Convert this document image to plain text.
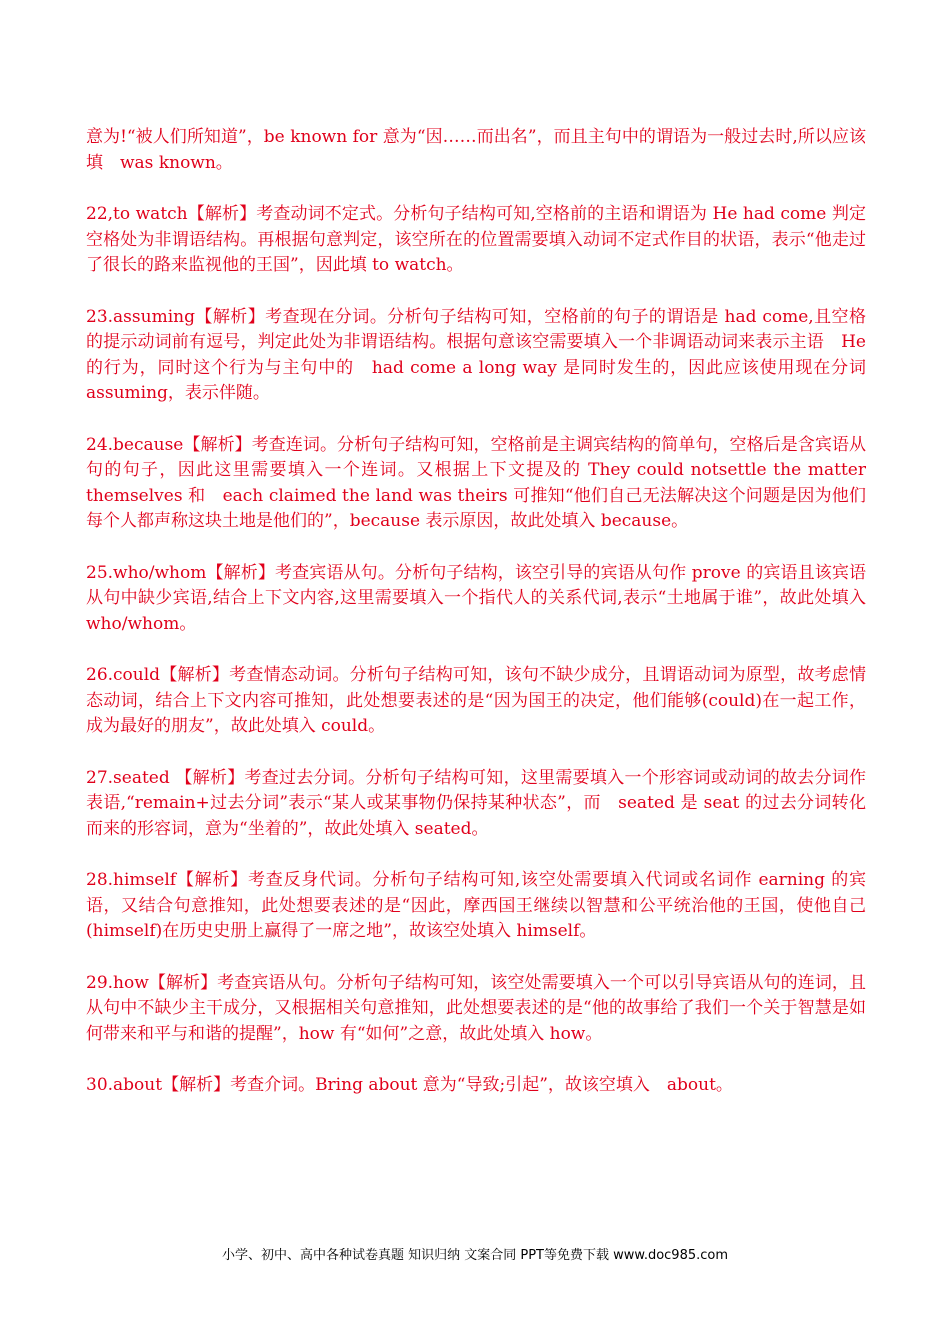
意为!“被人们所知道”，be known for 意为“因……而出名”，而且主句中的谓语为一般过去时,所以应该填　was known。

22,to watch【解析】考查动词不定式。分析句子结构可知,空格前的主语和谓语为 He had come 判定空格处为非谓语结构。再根据句意判定，该空所在的位置需要填入动词不定式作目的状语，表示“他走过了很长的路来监视他的王国”，因此填 to watch。

23.assuming【解析】考查现在分词。分析句子结构可知，空格前的句子的谓语是 had come,且空格的提示动词前有逗号，判定此处为非谓语结构。根据句意该空需要填入一个非调语动词来表示主语　He 的行为，同时这个行为与主句中的　had come a long way 是同时发生的，因此应该使用现在分词 assuming，表示伴随。

24.because【解析】考查连词。分析句子结构可知，空格前是主调宾结构的简单句，空格后是含宾语从句的句子，因此这里需要填入一个连词。又根据上下文提及的 They could notsettle the matter themselves 和　each claimed the land was theirs 可推知“他们自己无法解决这个问题是因为他们每个人都声称这块土地是他们的”，because 表示原因，故此处填入 because。

25.who/whom【解析】考查宾语从句。分析句子结构，该空引导的宾语从句作 prove 的宾语且该宾语从句中缺少宾语,结合上下文内容,这里需要填入一个指代人的关系代词,表示“土地属于谁”，故此处填入　who/whom。

26.could【解析】考查情态动词。分析句子结构可知，该句不缺少成分，且谓语动词为原型，故考虑情态动词，结合上下文内容可推知，此处想要表述的是“因为国王的决定，他们能够(could)在一起工作，成为最好的朋友”，故此处填入 could。

27.seated 【解析】考查过去分词。分析句子结构可知，这里需要填入一个形容词或动词的故去分词作表语,“remain+过去分词”表示“某人或某事物仍保持某种状态”，而　seated 是 seat 的过去分词转化而来的形容词，意为“坐着的”，故此处填入 seated。

28.himself【解析】考查反身代词。分析句子结构可知,该空处需要填入代词或名词作 earning 的宾语，又结合句意推知，此处想要表述的是“因此，摩西国王继续以智慧和公平统治他的王国，使他自己(himself)在历史史册上赢得了一席之地”，故该空处填入 himself。

29.how【解析】考查宾语从句。分析句子结构可知，该空处需要填入一个可以引导宾语从句的连词，且从句中不缺少主干成分，又根据相关句意推知，此处想要表述的是“他的故事给了我们一个关于智慧是如何带来和平与和谐的提醒”，how 有“如何”之意，故此处填入 how。

30.about【解析】考查介词。Bring about 意为“导致;引起”，故该空填入　about。

小学、初中、高中各种试卷真题 知识归纳 文案合同 PPT等免费下载 www.doc985.com
